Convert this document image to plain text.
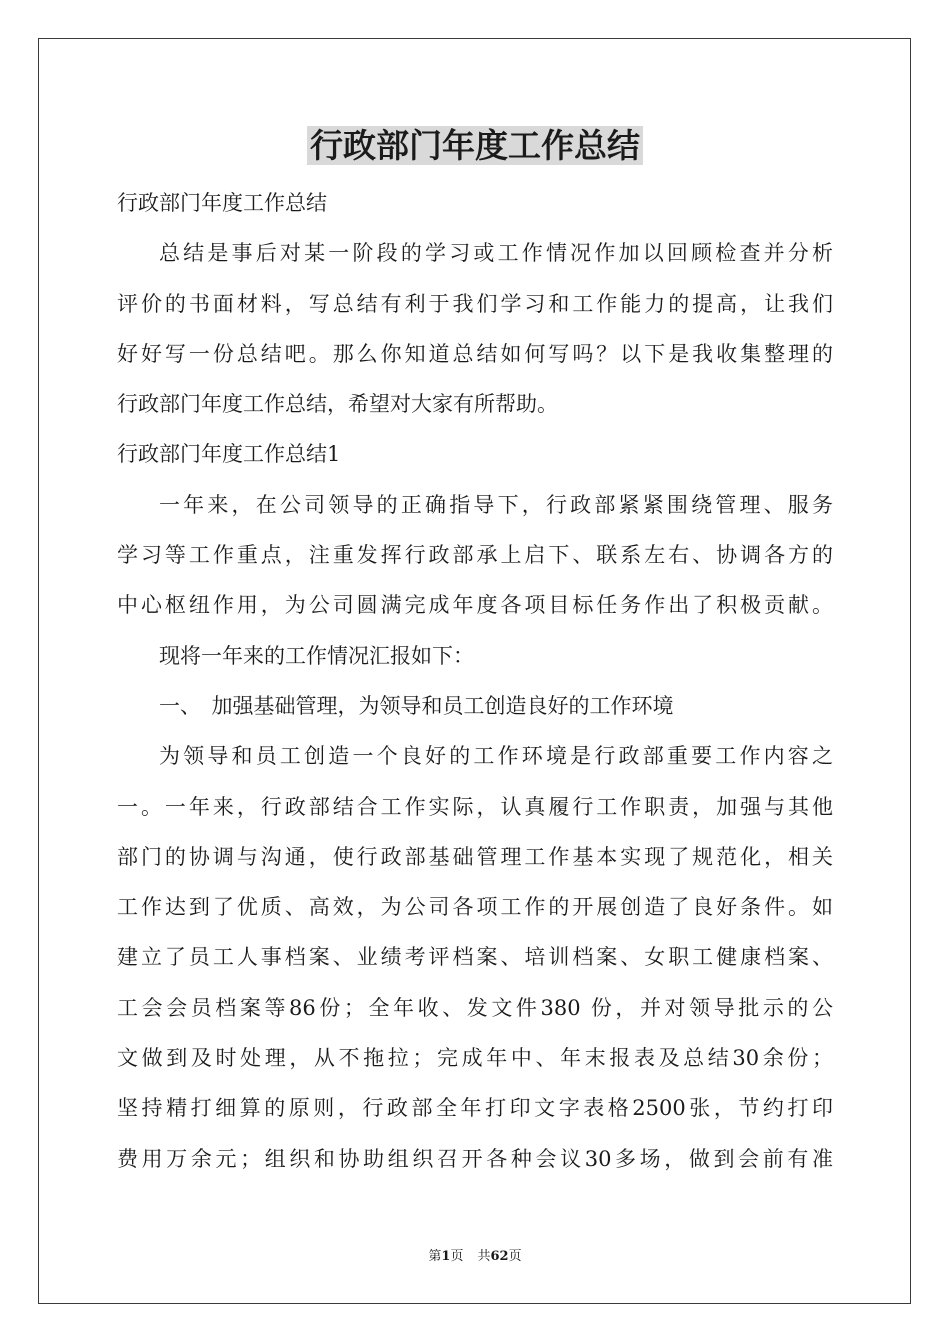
行政部门年度工作总结

行政部门年度工作总结

总结是事后对某一阶段的学习或工作情况作加以回顾检查并分析

评价的书面材料，写总结有利于我们学习和工作能力的提高，让我们

好好写一份总结吧。那么你知道总结如何写吗？以下是我收集整理的

行政部门年度工作总结，希望对大家有所帮助。

行政部门年度工作总结1

一年来，在公司领导的正确指导下，行政部紧紧围绕管理、服务

学习等工作重点，注重发挥行政部承上启下、联系左右、协调各方的

中心枢纽作用，为公司圆满完成年度各项目标任务作出了积极贡献。

现将一年来的工作情况汇报如下：

一、　加强基础管理，为领导和员工创造良好的工作环境

为领导和员工创造一个良好的工作环境是行政部重要工作内容之

一。一年来，行政部结合工作实际，认真履行工作职责，加强与其他

部门的协调与沟通，使行政部基础管理工作基本实现了规范化，相关

工作达到了优质、高效，为公司各项工作的开展创造了良好条件。如

建立了员工人事档案、业绩考评档案、培训档案、女职工健康档案、

工会会员档案等86份；全年收、发文件380 份，并对领导批示的公

文做到及时处理，从不拖拉；完成年中、年末报表及总结30余份；

坚持精打细算的原则，行政部全年打印文字表格2500张，节约打印

费用万余元；组织和协助组织召开各种会议30多场，做到会前有准

第1页 共62页
